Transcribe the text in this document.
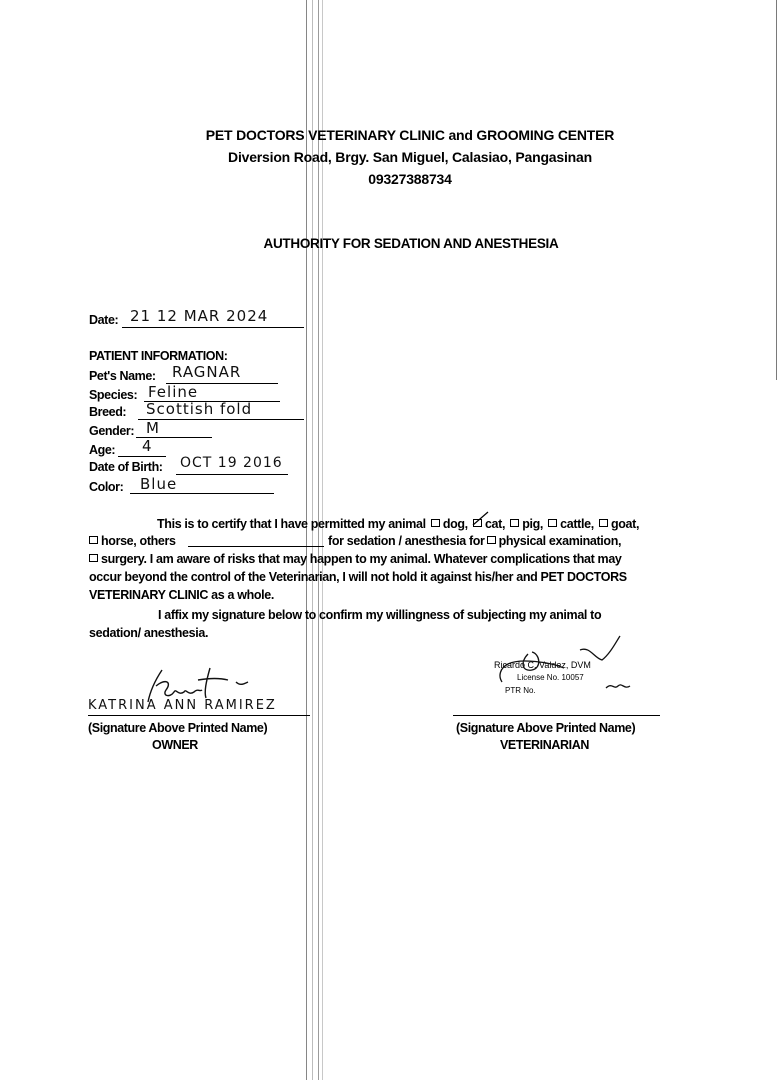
PET DOCTORS VETERINARY CLINIC and GROOMING CENTER
Diversion Road, Brgy. San Miguel, Calasiao, Pangasinan
09327388734
AUTHORITY FOR SEDATION AND ANESTHESIA
Date: 21 12 MAR 2024
PATIENT INFORMATION:
Pet's Name: RAGNAR
Species: Feline
Breed: Scottish fold
Gender: M
Age: 4
Date of Birth: OCT 19 2016
Color: Blue
This is to certify that I have permitted my animal dog, cat, pig, cattle, goat,
horse, others	for sedation / anesthesia for physical examination,
surgery. I am aware of risks that may happen to my animal. Whatever complications that may
occur beyond the control of the Veterinarian, I will not hold it against his/her and PET DOCTORS
VETERINARY CLINIC as a whole.
I affix my signature below to confirm my willingness of subjecting my animal to
sedation/ anesthesia.
KATRINA ANN RAMIREZ
(Signature Above Printed Name)
OWNER
Ricardo C. Valdez, DVM
License No. 10057
PTR No.
(Signature Above Printed Name)
VETERINARIAN
